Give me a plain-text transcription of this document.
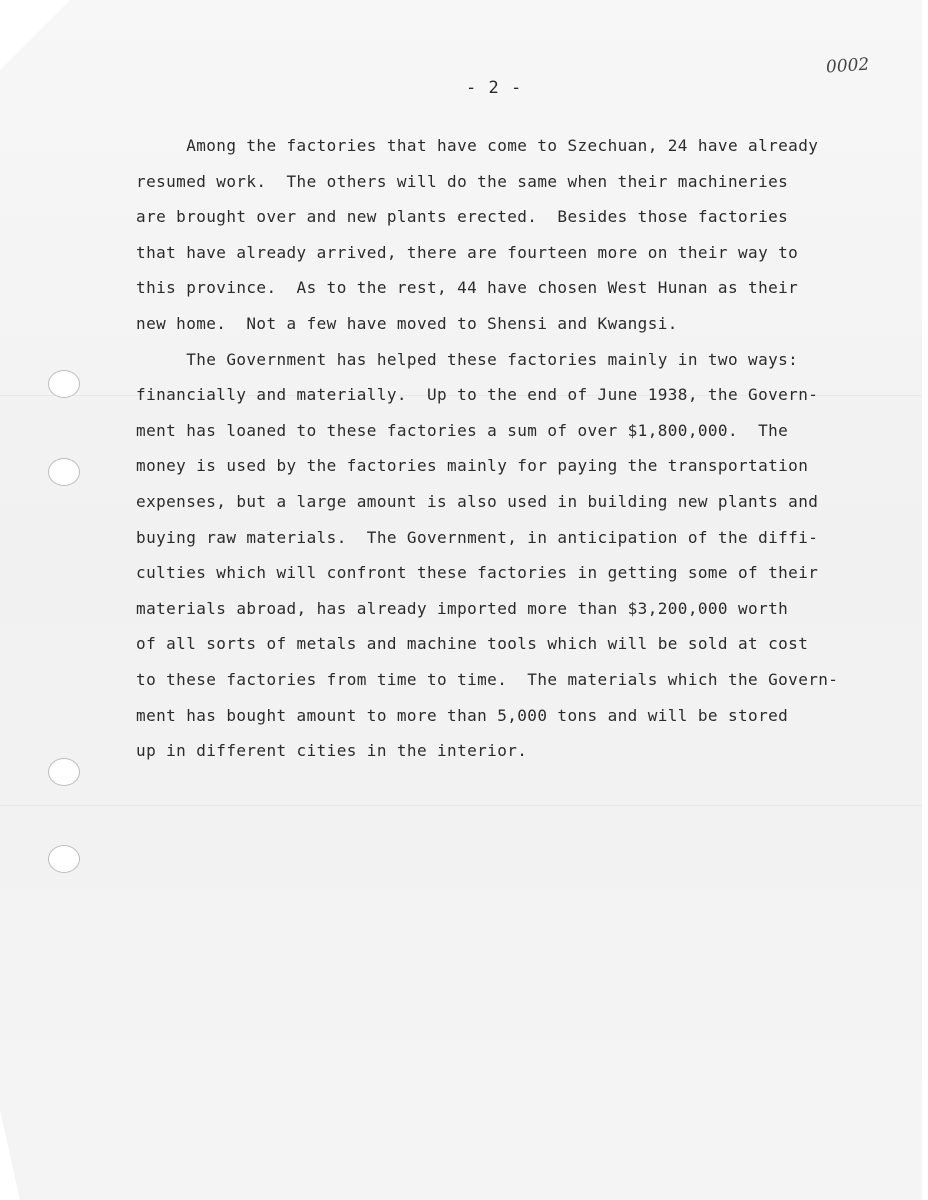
- 2 -
0002
Among the factories that have come to Szechuan, 24 have already
resumed work.  The others will do the same when their machineries
are brought over and new plants erected.  Besides those factories
that have already arrived, there are fourteen more on their way to
this province.  As to the rest, 44 have chosen West Hunan as their
new home.  Not a few have moved to Shensi and Kwangsi.
The Government has helped these factories mainly in two ways:
financially and materially.  Up to the end of June 1938, the Govern-
ment has loaned to these factories a sum of over $1,800,000.  The
money is used by the factories mainly for paying the transportation
expenses, but a large amount is also used in building new plants and
buying raw materials.  The Government, in anticipation of the diffi-
culties which will confront these factories in getting some of their
materials abroad, has already imported more than $3,200,000 worth
of all sorts of metals and machine tools which will be sold at cost
to these factories from time to time.  The materials which the Govern-
ment has bought amount to more than 5,000 tons and will be stored
up in different cities in the interior.
